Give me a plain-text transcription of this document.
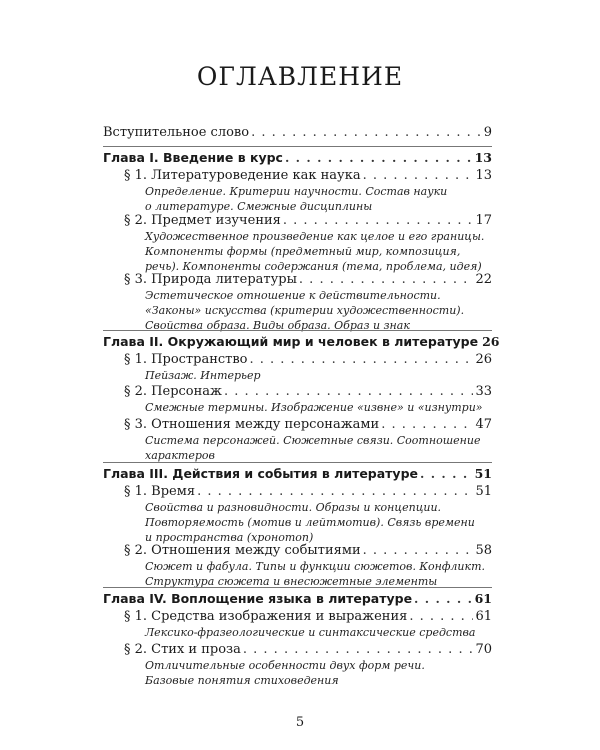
ОГЛАВЛЕНИЕ
Вступительное слово . . .	9
Глава I. Введение в курс . . .	13
§ 1. Литературоведение как наука . . .	13
Определение. Критерии научности. Состав науки
о литературе. Смежные дисциплины
§ 2. Предмет изучения . . .	17
Художественное произведение как целое и его границы.
Компоненты формы (предметный мир, композиция,
речь). Компоненты содержания (тема, проблема, идея)
§ 3. Природа литературы . . .	22
Эстетическое отношение к действительности.
«Законы» искусства (критерии художественности).
Свойства образа. Виды образа. Образ и знак
Глава II. Окружающий мир и человек в литературе 26
§ 1. Пространство . . .	26
Пейзаж. Интерьер
§ 2. Персонаж . . .	33
Смежные термины. Изображение «извне» и «изнутри»
§ 3. Отношения между персонажами . . .	47
Система персонажей. Сюжетные связи. Соотношение
характеров
Глава III. Действия и события в литературе . . .	51
§ 1. Время . . .	51
Свойства и разновидности. Образы и концепции.
Повторяемость (мотив и лейтмотив). Связь времени
и пространства (хронотоп)
§ 2. Отношения между событиями . . .	58
Сюжет и фабула. Типы и функции сюжетов. Конфликт.
Структура сюжета и внесюжетные элементы
Глава IV. Воплощение языка в литературе . . .	61
§ 1. Средства изображения и выражения . . .	61
Лексико-фразеологические и синтаксические средства
§ 2. Стих и проза . . .	70
Отличительные особенности двух форм речи.
Базовые понятия стиховедения
5
